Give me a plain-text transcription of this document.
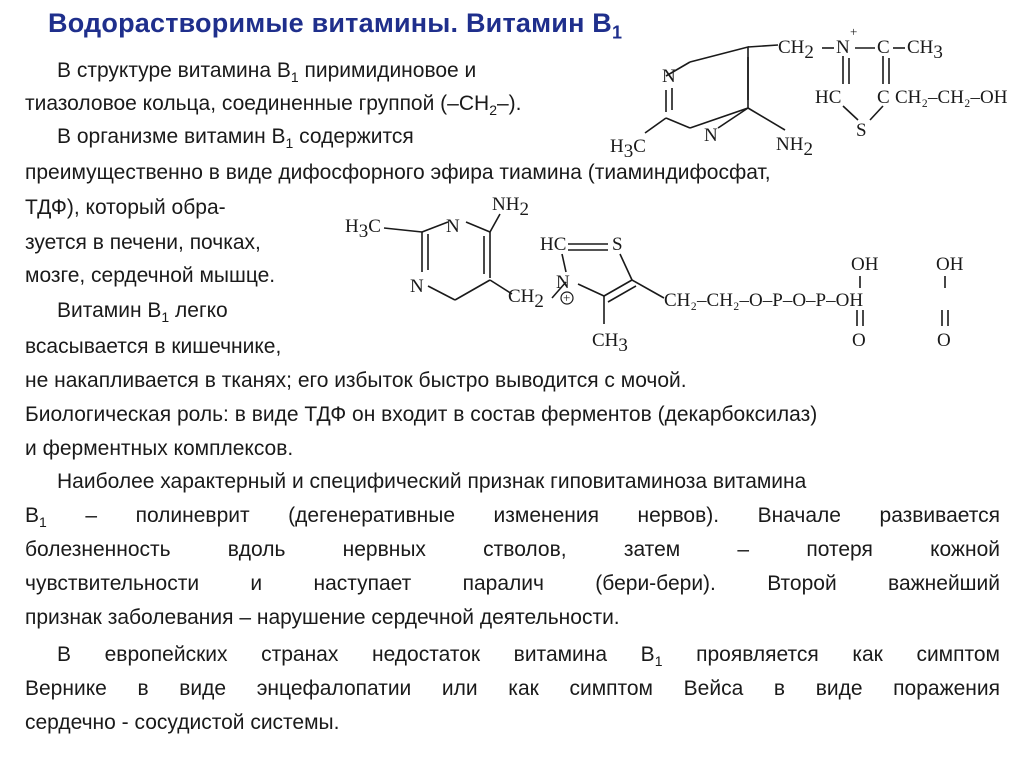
Водорастворимые витамины. Витамин $В_1$
В структуре витамина $В_1$ пиримидиновое и
тиазоловое кольца, соединенные группой $(-СН_2-)$.
В организме витамин $В_1$ содержится
преимущественно в виде дифосфорного эфира тиамина (тиаминдифосфат,
ТДФ), который обра-
зуется в печени, почках,
мозге, сердечной мышце.
Витамин $В_1$ легко
всасывается в кишечнике,
не накапливается в тканях; его избыток быстро выводится с мочой.
Биологическая роль: в виде ТДФ он входит в состав ферментов (декарбоксилаз)
и ферментных комплексов.
Наиболее характерный и специфический признак гиповитаминоза витамина
$В_1$ – полиневрит (дегенеративные изменения нервов). Вначале развивается
болезненность вдоль нервных стволов, затем – потеря кожной
чувствительности и наступает паралич (бери-бери). Второй важнейший
признак заболевания – нарушение сердечной деятельности.
В европейских странах недостаток витамина $В_1$ проявляется как симптом
Вернике в виде энцефалопатии или как симптом Вейса в виде поражения
сердечно - сосудистой системы.
N
N
H3C	NH2
CH2 N
+
C CH3
HC C CH₂–CH₂–OH
S
H3C	N
NH2
N	CH2
HC S
N
+
CH3
CH₂–CH₂–O–P–O–P–OH
OH	OH
O	O
